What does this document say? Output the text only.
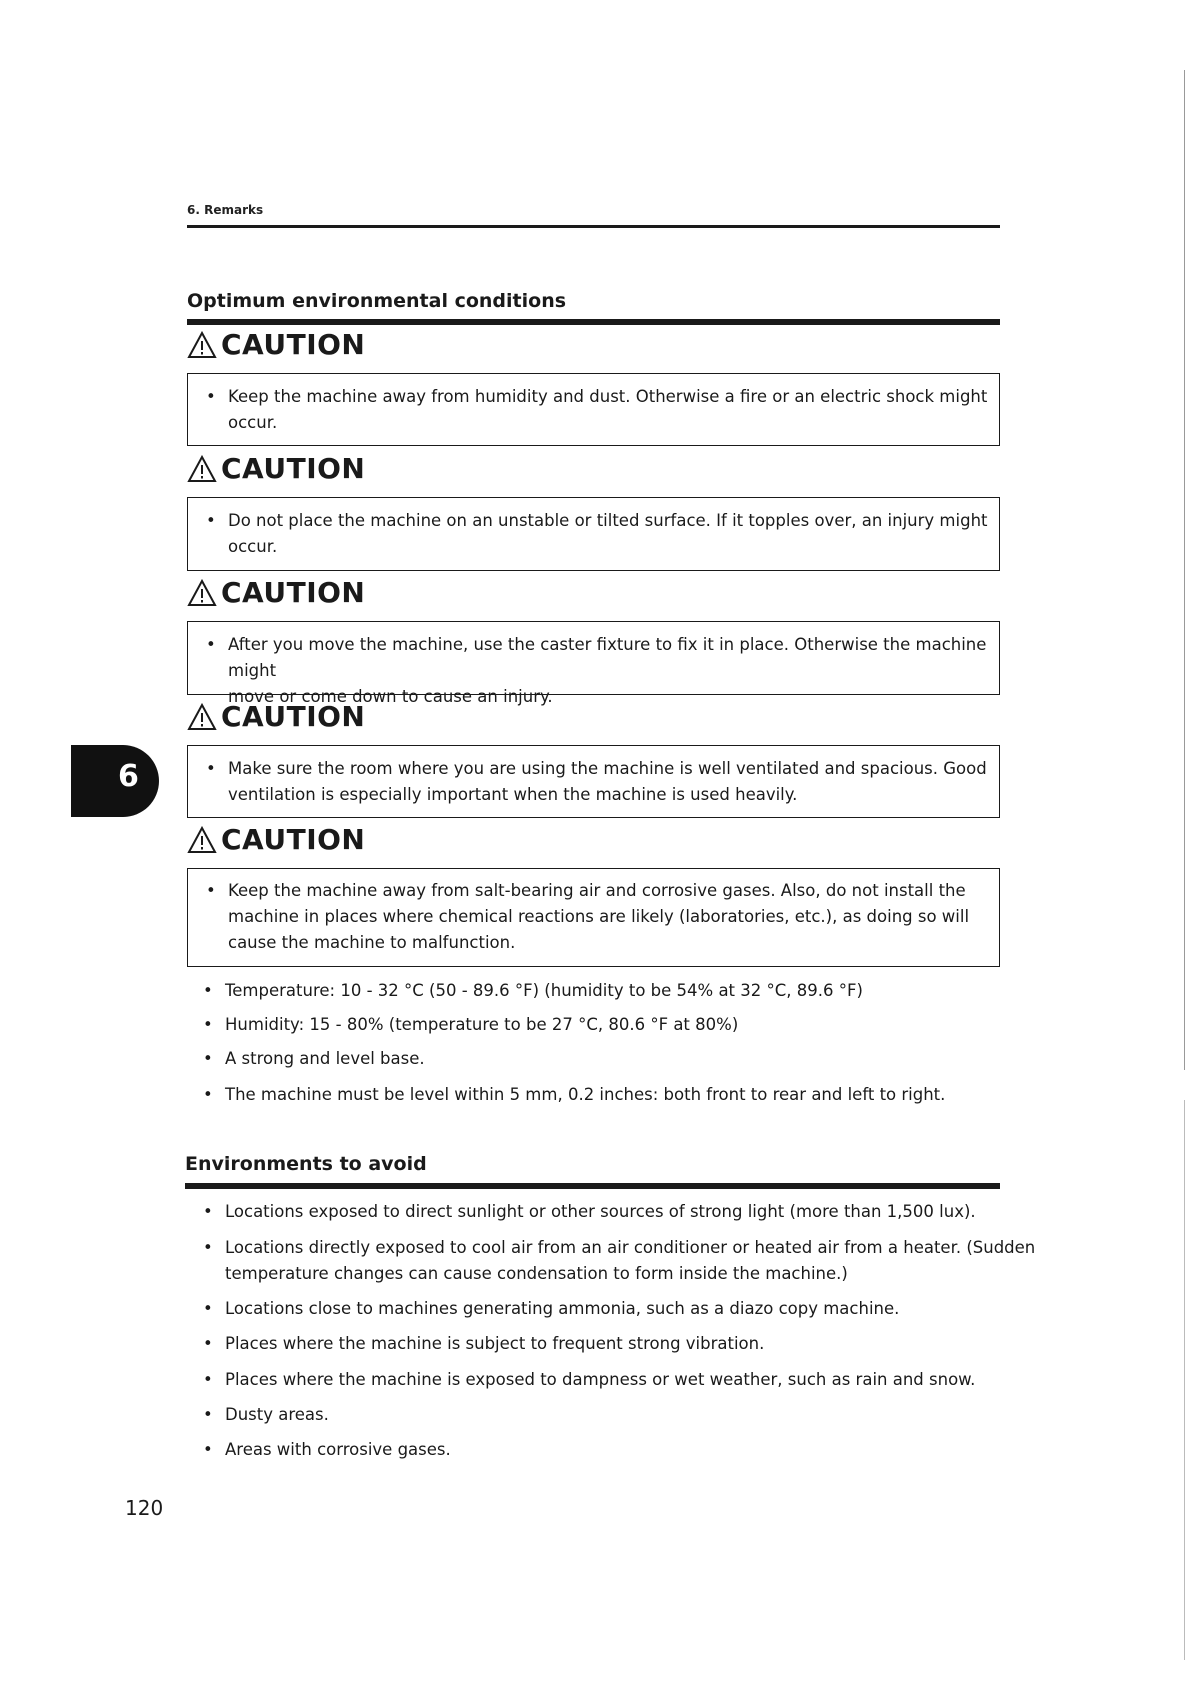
6. Remarks
Optimum environmental conditions
CAUTION
• Keep the machine away from humidity and dust. Otherwise a fire or an electric shock might
occur.
CAUTION
• Do not place the machine on an unstable or tilted surface. If it topples over, an injury might
occur.
CAUTION
• After you move the machine, use the caster fixture to fix it in place. Otherwise the machine might
move or come down to cause an injury.
CAUTION
• Make sure the room where you are using the machine is well ventilated and spacious. Good
ventilation is especially important when the machine is used heavily.
CAUTION
• Keep the machine away from salt-bearing air and corrosive gases. Also, do not install the
machine in places where chemical reactions are likely (laboratories, etc.), as doing so will
cause the machine to malfunction.
6
• Temperature: 10 - 32 °C (50 - 89.6 °F) (humidity to be 54% at 32 °C, 89.6 °F)
• Humidity: 15 - 80% (temperature to be 27 °C, 80.6 °F at 80%)
• A strong and level base.
• The machine must be level within 5 mm, 0.2 inches: both front to rear and left to right.
Environments to avoid
• Locations exposed to direct sunlight or other sources of strong light (more than 1,500 lux).
• Locations directly exposed to cool air from an air conditioner or heated air from a heater. (Sudden
temperature changes can cause condensation to form inside the machine.)
• Locations close to machines generating ammonia, such as a diazo copy machine.
• Places where the machine is subject to frequent strong vibration.
• Places where the machine is exposed to dampness or wet weather, such as rain and snow.
• Dusty areas.
• Areas with corrosive gases.
120
